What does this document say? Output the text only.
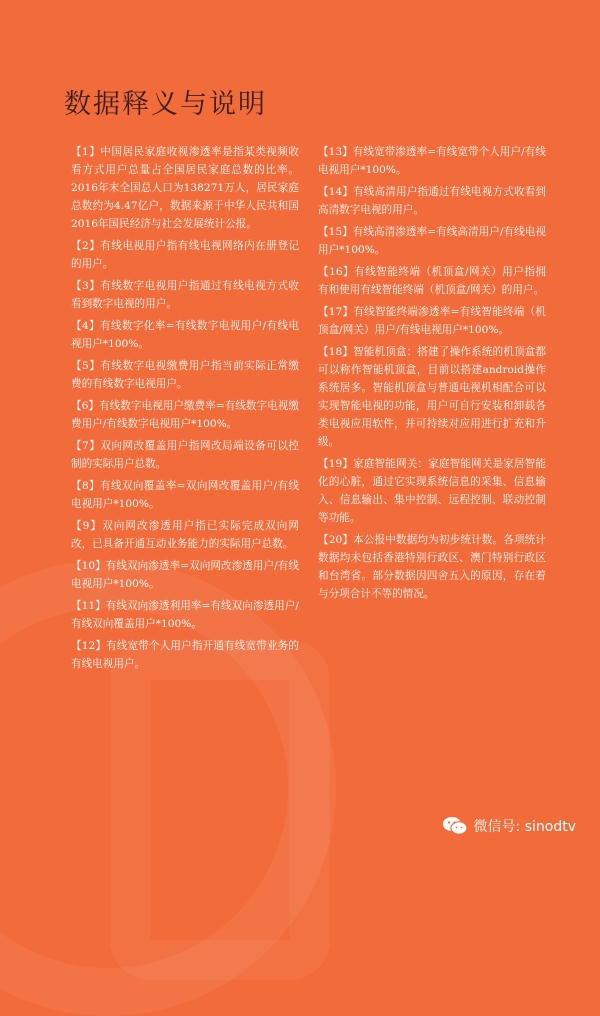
数据释义与说明

【1】中国居民家庭收视渗透率是指某类视频收看方式用户总量占全国居民家庭总数的比率。2016年末全国总人口为138271万人，居民家庭总数约为4.47亿户，数据来源于中华人民共和国2016年国民经济与社会发展统计公报。

【2】有线电视用户指有线电视网络内在册登记的用户。

【3】有线数字电视用户指通过有线电视方式收看到数字电视的用户。

【4】有线数字化率=有线数字电视用户/有线电视用户*100%。

【5】有线数字电视缴费用户指当前实际正常缴费的有线数字电视用户。

【6】有线数字电视用户缴费率=有线数字电视缴费用户/有线数字电视用户*100%。

【7】双向网改覆盖用户指网改局端设备可以控制的实际用户总数。

【8】有线双向覆盖率=双向网改覆盖用户/有线电视用户*100%。

【9】双向网改渗透用户指已实际完成双向网改，已具备开通互动业务能力的实际用户总数。

【10】有线双向渗透率=双向网改渗透用户/有线电视用户*100%。

【11】有线双向渗透利用率=有线双向渗透用户/有线双向覆盖用户*100%。

【12】有线宽带个人用户指开通有线宽带业务的有线电视用户。

【13】有线宽带渗透率=有线宽带个人用户/有线电视用户*100%。

【14】有线高清用户指通过有线电视方式收看到高清数字电视的用户。

【15】有线高清渗透率=有线高清用户/有线电视用户*100%。

【16】有线智能终端（机顶盒/网关）用户指拥有和使用有线智能终端（机顶盒/网关）的用户。

【17】有线智能终端渗透率=有线智能终端（机顶盒/网关）用户/有线电视用户*100%。

【18】智能机顶盒：搭建了操作系统的机顶盒都可以称作智能机顶盒，目前以搭建android操作系统居多。智能机顶盒与普通电视机相配合可以实现智能电视的功能，用户可自行安装和卸载各类电视应用软件，并可持续对应用进行扩充和升级。

【19】家庭智能网关：家庭智能网关是家居智能化的心脏，通过它实现系统信息的采集、信息输入、信息输出、集中控制、远程控制、联动控制等功能。

【20】本公报中数据均为初步统计数。各项统计数据均未包括香港特别行政区、澳门特别行政区和台湾省。部分数据因四舍五入的原因，存在着与分项合计不等的情况。

微信号: sinodtv
